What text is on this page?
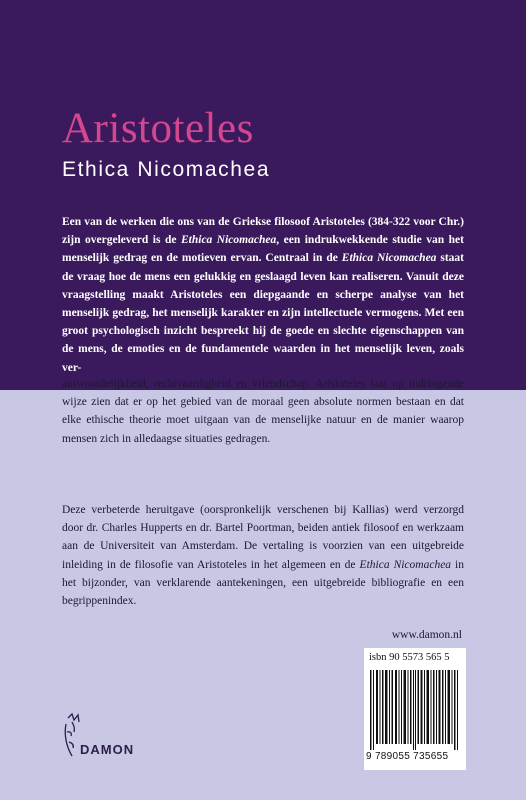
Aristoteles
Ethica Nicomachea

Een van de werken die ons van de Griekse filosoof Aristoteles (384-322 voor Chr.) zijn overgeleverd is de Ethica Nicomachea, een indrukwekkende studie van het menselijk gedrag en de motieven ervan. Centraal in de Ethica Nicomachea staat de vraag hoe de mens een gelukkig en geslaagd leven kan realiseren. Vanuit deze vraagstelling maakt Aristoteles een diepgaande en scherpe analyse van het menselijk gedrag, het menselijk karakter en zijn intellectuele vermogens. Met een groot psychologisch inzicht bespreekt hij de goede en slechte eigenschappen van de mens, de emoties en de fundamentele waarden in het menselijk leven, zoals ver-

antwoordelijkheid, rechtvaardigheid en vriendschap. Aristoteles laat op indringende wijze zien dat er op het gebied van de moraal geen absolute normen bestaan en dat elke ethische theorie moet uitgaan van de menselijke natuur en de manier waarop mensen zich in alledaagse situaties gedragen.

Deze verbeterde heruitgave (oorspronkelijk verschenen bij Kallias) werd verzorgd door dr. Charles Hupperts en dr. Bartel Poortman, beiden antiek filosoof en werkzaam aan de Universiteit van Amsterdam. De vertaling is voorzien van een uitgebreide inleiding in de filosofie van Aristoteles in het algemeen en de Ethica Nicomachea in het bijzonder, van verklarende aantekeningen, een uitgebreide bibliografie en een begrippenindex.

www.damon.nl
isbn 90 5573 565 5
9 789055 735655
DAMON
